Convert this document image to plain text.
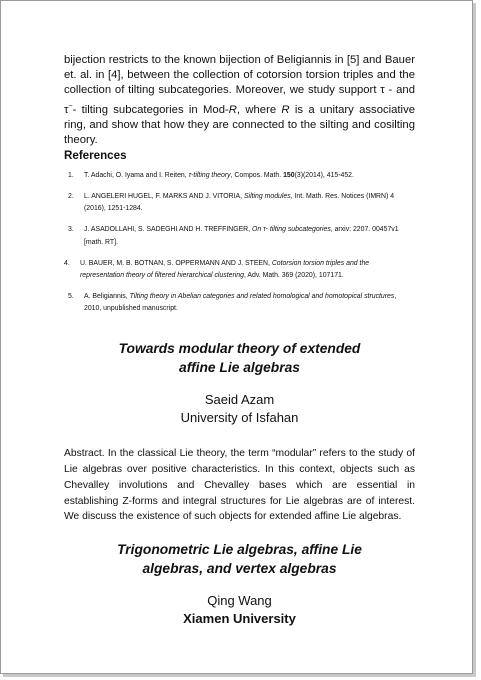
bijection restricts to the known bijection of Beligiannis in [5] and Bauer et. al. in [4], between the collection of cotorsion torsion triples and the collection of tilting subcategories. Moreover, we study support τ - and τ−- tilting subcategories in Mod-R, where R is a unitary associative ring, and show that how they are connected to the silting and cosilting theory.

References
1.	T. Adachi, O. Iyama and I. Reiten, τ-tilting theory, Compos. Math. 150(3)(2014), 415-452.
2.	L. ANGELERI HUGEL, F. MARKS AND J. VITORIA, Silting modules, Int. Math. Res. Notices (IMRN) 4 (2016), 1251-1284.
3.	J. ASADOLLAHI, S. SADEGHI AND H. TREFFINGER, On τ- tilting subcategories, arxiv: 2207. 00457v1 [math. RT].
4.	U. BAUER, M. B. BOTNAN, S. OPPERMANN AND J. STEEN, Cotorsion torsion triples and the representation theory of filtered hierarchical clustering, Adv. Math. 369 (2020), 107171.
5.	A. Beligiannis, Tilting theory in Abelian categories and related homological and homotopical structures, 2010, unpublished manuscript.

Towards modular theory of extended
affine Lie algebras

Saeid Azam

University of Isfahan

Abstract. In the classical Lie theory, the term “modular” refers to the study of Lie algebras over positive characteristics. In this context, objects such as Chevalley involutions and Chevalley bases which are essential in establishing Z-forms and integral structures for Lie algebras are of interest. We discuss the existence of such objects for extended affine Lie algebras.

Trigonometric Lie algebras, affine Lie
algebras, and vertex algebras

Qing Wang

Xiamen University
